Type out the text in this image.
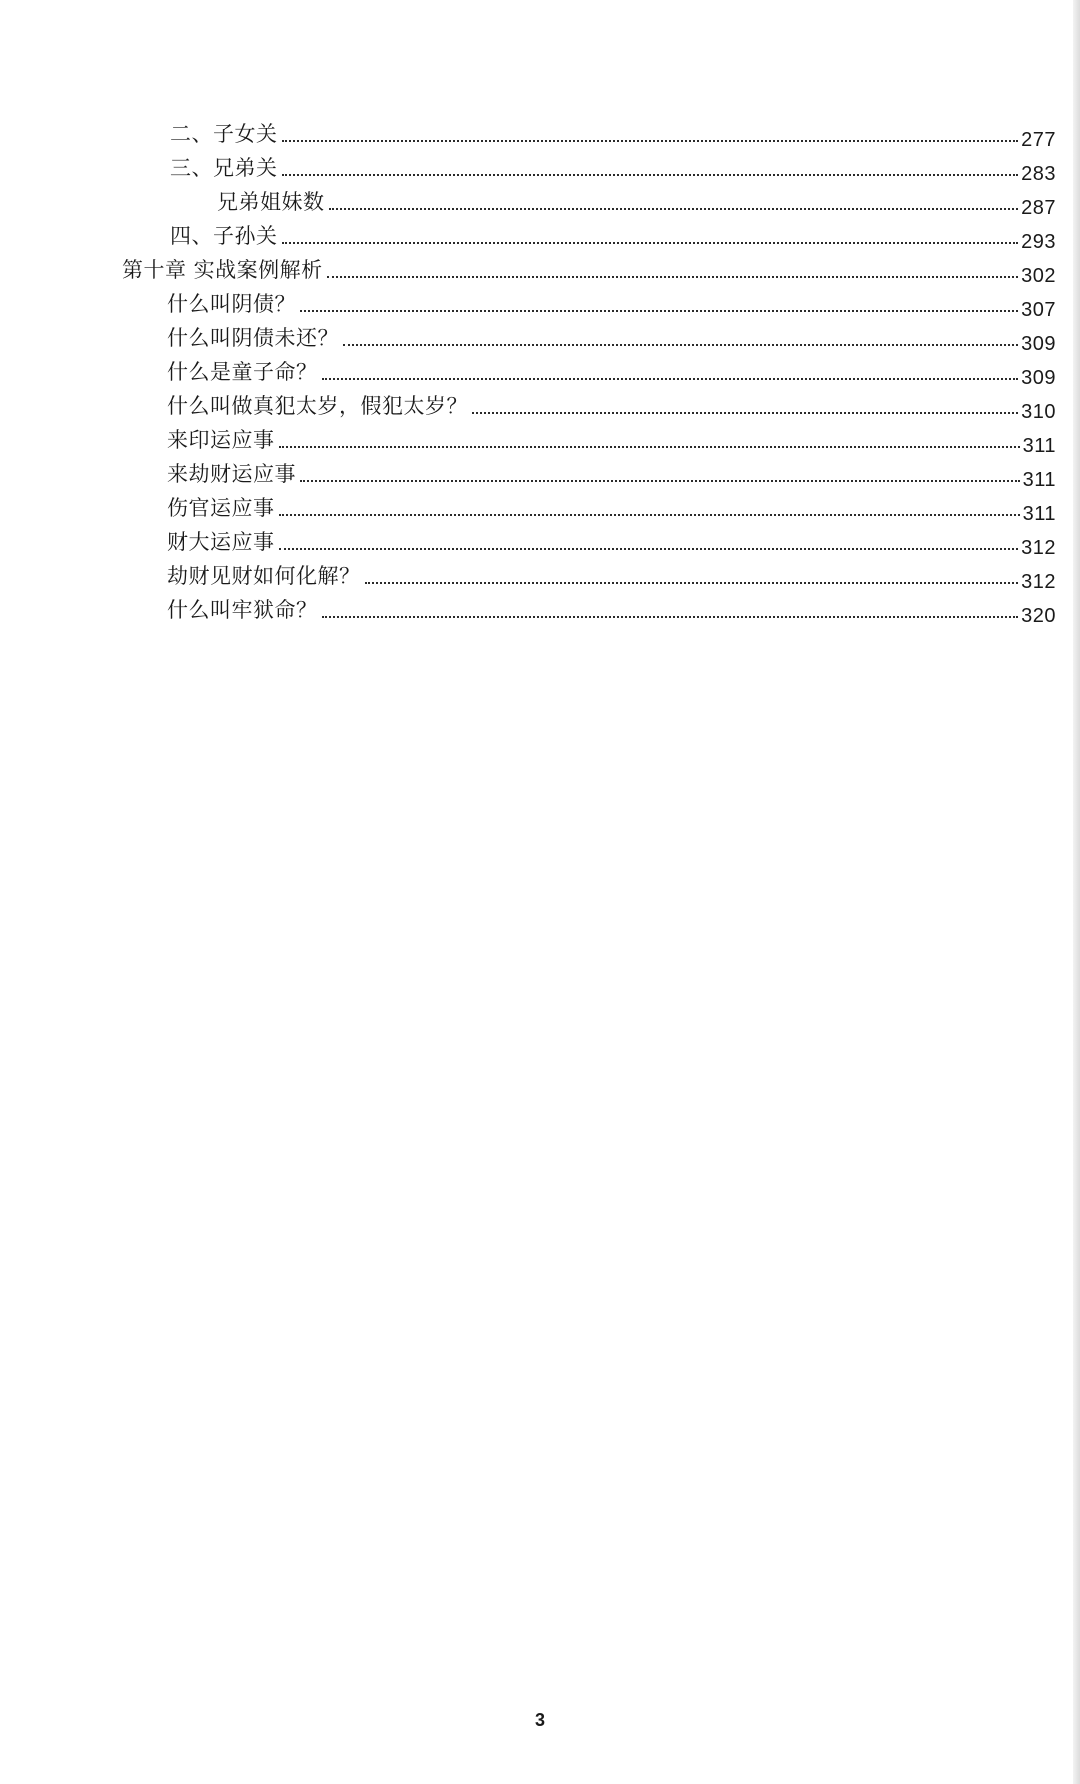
二、子女关	277
三、兄弟关	283
兄弟姐妹数	287
四、子孙关	293
第十章 实战案例解析	302
什么叫阴债？	307
什么叫阴债未还？	309
什么是童子命？	309
什么叫做真犯太岁，假犯太岁？	310
来印运应事	311
来劫财运应事	311
伤官运应事	311
财大运应事	312
劫财见财如何化解？	312
什么叫牢狱命？	320
3
